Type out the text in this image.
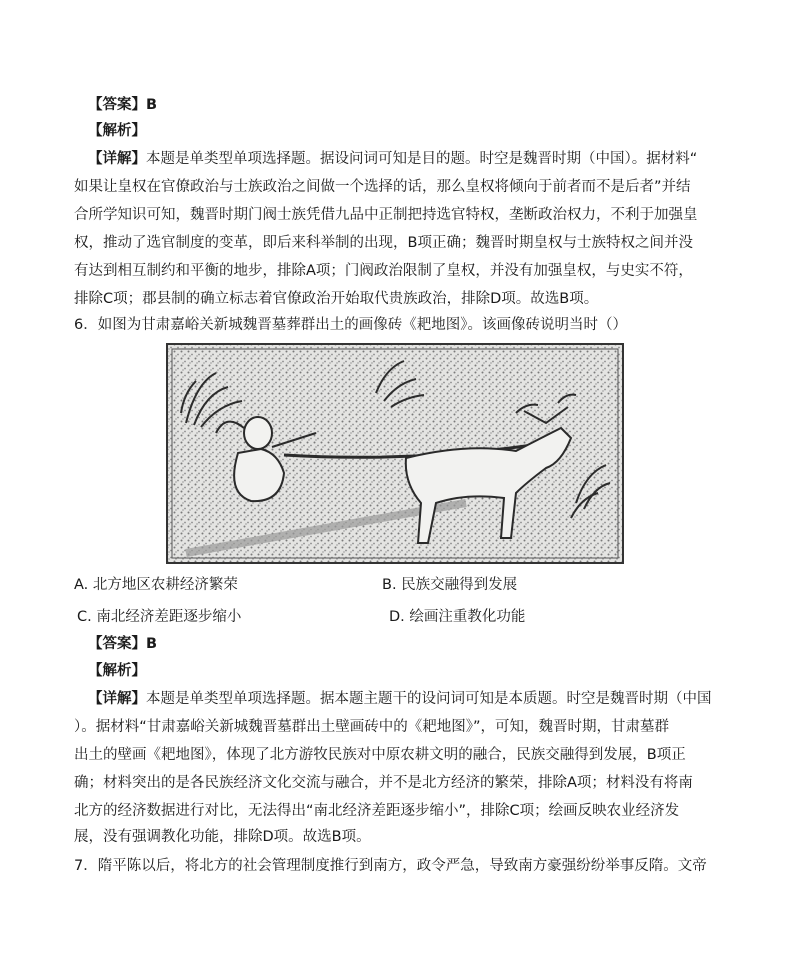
【答案】B
【解析】
【详解】本题是单类型单项选择题。据设问词可知是目的题。时空是魏晋时期（中国）。据材料“
如果让皇权在官僚政治与士族政治之间做一个选择的话，那么皇权将倾向于前者而不是后者”并结
合所学知识可知，魏晋时期门阀士族凭借九品中正制把持选官特权，垄断政治权力，不利于加强皇
权，推动了选官制度的变革，即后来科举制的出现，B项正确；魏晋时期皇权与士族特权之间并没
有达到相互制约和平衡的地步，排除A项；门阀政治限制了皇权，并没有加强皇权，与史实不符，
排除C项；郡县制的确立标志着官僚政治开始取代贵族政治，排除D项。故选B项。
6．如图为甘肃嘉峪关新城魏晋墓葬群出土的画像砖《耙地图》。该画像砖说明当时（）
A. 北方地区农耕经济繁荣	B. 民族交融得到发展
C. 南北经济差距逐步缩小	D. 绘画注重教化功能
【答案】B
【解析】
【详解】本题是单类型单项选择题。据本题主题干的设问词可知是本质题。时空是魏晋时期（中国
）。据材料“甘肃嘉峪关新城魏晋墓群出土壁画砖中的《耙地图》”，可知，魏晋时期，甘肃墓群
出土的壁画《耙地图》，体现了北方游牧民族对中原农耕文明的融合，民族交融得到发展，B项正
确；材料突出的是各民族经济文化交流与融合，并不是北方经济的繁荣，排除A项；材料没有将南
北方的经济数据进行对比，无法得出“南北经济差距逐步缩小”，排除C项；绘画反映农业经济发
展，没有强调教化功能，排除D项。故选B项。
7．隋平陈以后，将北方的社会管理制度推行到南方，政令严急，导致南方豪强纷纷举事反隋。文帝
